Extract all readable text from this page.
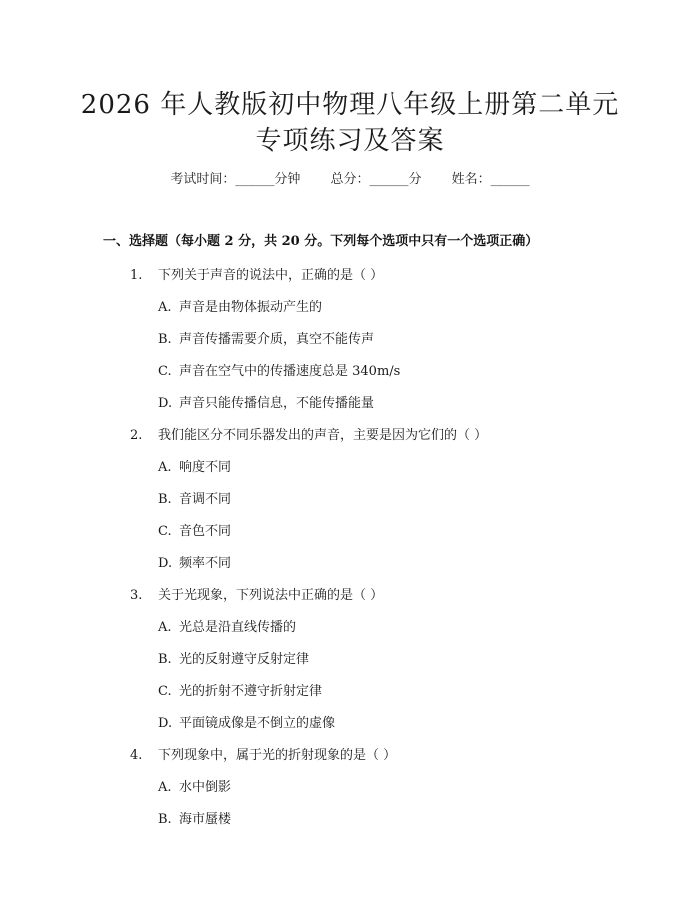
2026 年人教版初中物理八年级上册第二单元
专项练习及答案
考试时间：______分钟 总分：______分 姓名：______
一、选择题（每小题 2 分，共 20 分。下列每个选项中只有一个选项正确）
1. 下列关于声音的说法中，正确的是（ ）
A. 声音是由物体振动产生的
B. 声音传播需要介质，真空不能传声
C. 声音在空气中的传播速度总是 340m/s
D. 声音只能传播信息，不能传播能量
2. 我们能区分不同乐器发出的声音，主要是因为它们的（ ）
A. 响度不同
B. 音调不同
C. 音色不同
D. 频率不同
3. 关于光现象，下列说法中正确的是（ ）
A. 光总是沿直线传播的
B. 光的反射遵守反射定律
C. 光的折射不遵守折射定律
D. 平面镜成像是不倒立的虚像
4. 下列现象中，属于光的折射现象的是（ ）
A. 水中倒影
B. 海市蜃楼
